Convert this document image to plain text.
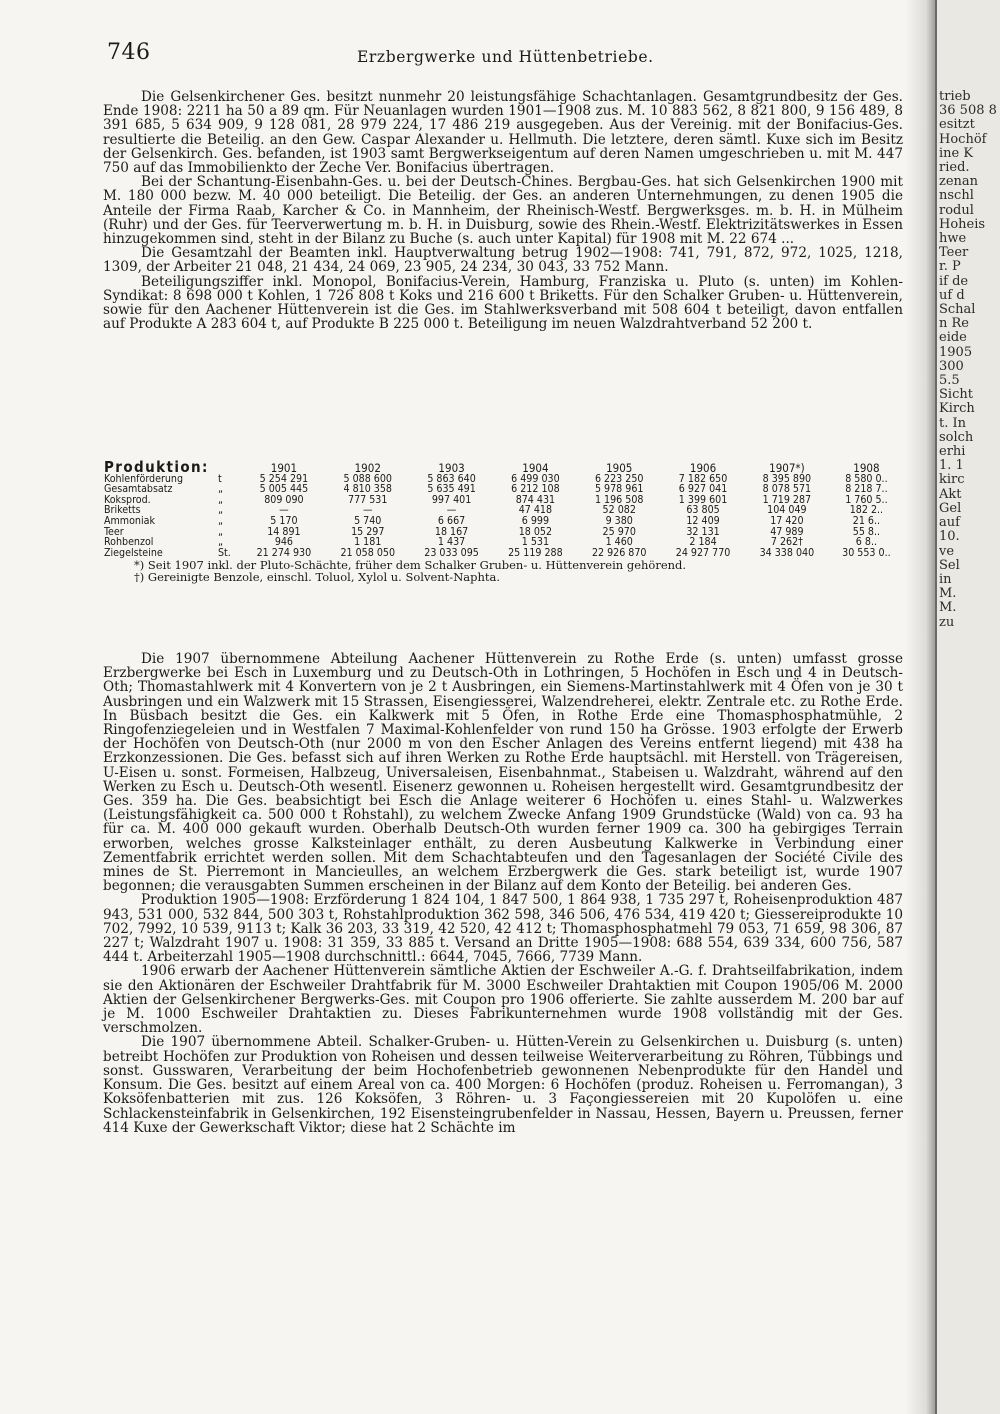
746	Erzbergwerke und Hüttenbetriebe.

Die Gelsenkirchener Ges. besitzt nunmehr 20 leistungsfähige Schachtanlagen. Gesamtgrundbesitz der Ges. Ende 1908: 2211 ha 50 a 89 qm. Für Neuanlagen wurden 1901—1908 zus. M. 10 883 562, 8 821 800, 9 156 489, 8 391 685, 5 634 909, 9 128 081, 28 979 224, 17 486 219 ausgegeben. Aus der Vereinig. mit der Bonifacius-Ges. resultierte die Beteilig. an den Gew. Caspar Alexander u. Hellmuth. Die letztere, deren sämtl. Kuxe sich im Besitz der Gelsenkirch. Ges. befanden, ist 1903 samt Bergwerkseigentum auf deren Namen umgeschrieben u. mit M. 447 750 auf das Immobilienkto der Zeche Ver. Bonifacius übertragen.

Bei der Schantung-Eisenbahn-Ges. u. bei der Deutsch-Chines. Bergbau-Ges. hat sich Gelsenkirchen 1900 mit M. 180 000 bezw. M. 40 000 beteiligt. Die Beteilig. der Ges. an anderen Unternehmungen, zu denen 1905 die Anteile der Firma Raab, Karcher & Co. in Mannheim, der Rheinisch-Westf. Bergwerksges. m. b. H. in Mülheim (Ruhr) und der Ges. für Teerverwertung m. b. H. in Duisburg, sowie des Rhein.-Westf. Elektrizitätswerkes in Essen hinzugekommen sind, steht in der Bilanz zu Buche (s. auch unter Kapital) für 1908 mit M. 22 674 ...

Die Gesamtzahl der Beamten inkl. Hauptverwaltung betrug 1902—1908: 741, 791, 872, 972, 1025, 1218, 1309, der Arbeiter 21 048, 21 434, 24 069, 23 905, 24 234, 30 043, 33 752 Mann.

Beteiligungsziffer inkl. Monopol, Bonifacius-Verein, Hamburg, Franziska u. Pluto (s. unten) im Kohlen-Syndikat: 8 698 000 t Kohlen, 1 726 808 t Koks und 216 600 t Briketts. Für den Schalker Gruben- u. Hüttenverein, sowie für den Aachener Hüttenverein ist die Ges. im Stahlwerksverband mit 508 604 t beteiligt, davon entfallen auf Produkte A 283 604 t, auf Produkte B 225 000 t. Beteiligung im neuen Walzdrahtverband 52 200 t.

Produktion:		1901	1902	1903	1904	1905	1906	1907*)	1908
Kohlenförderung	t	5 254 291	5 088 600	5 863 640	6 499 030	6 223 250	7 182 650	8 395 890	8 580 0..
Gesamtabsatz	„	5 005 445	4 810 358	5 635 491	6 212 108	5 978 961	6 927 041	8 078 571	8 218 7..
Koksprod.	„	809 090	777 531	997 401	874 431	1 196 508	1 399 601	1 719 287	1 760 5..
Briketts	„	—	—	—	47 418	52 082	63 805	104 049	182 2..
Ammoniak	„	5 170	5 740	6 667	6 999	9 380	12 409	17 420	21 6..
Teer	„	14 891	15 297	18 167	18 052	25 970	32 131	47 989	55 8..
Rohbenzol	„	946	1 181	1 437	1 531	1 460	2 184	7 262†	6 8..
Ziegelsteine	St.	21 274 930	21 058 050	23 033 095	25 119 288	22 926 870	24 927 770	34 338 040	30 553 0..
*) Seit 1907 inkl. der Pluto-Schächte, früher dem Schalker Gruben- u. Hüttenverein gehörend.
†) Gereinigte Benzole, einschl. Toluol, Xylol u. Solvent-Naphta.

Die 1907 übernommene Abteilung Aachener Hüttenverein zu Rothe Erde (s. unten) umfasst grosse Erzbergwerke bei Esch in Luxemburg und zu Deutsch-Oth in Lothringen, 5 Hochöfen in Esch und 4 in Deutsch-Oth; Thomastahlwerk mit 4 Konvertern von je 2 t Ausbringen, ein Siemens-Martinstahlwerk mit 4 Öfen von je 30 t Ausbringen und ein Walzwerk mit 15 Strassen, Eisengiesserei, Walzendreherei, elektr. Zentrale etc. zu Rothe Erde. In Büsbach besitzt die Ges. ein Kalkwerk mit 5 Öfen, in Rothe Erde eine Thomasphosphatmühle, 2 Ringofenziegeleien und in Westfalen 7 Maximal-Kohlenfelder von rund 150 ha Grösse. 1903 erfolgte der Erwerb der Hochöfen von Deutsch-Oth (nur 2000 m von den Escher Anlagen des Vereins entfernt liegend) mit 438 ha Erzkonzessionen. Die Ges. befasst sich auf ihren Werken zu Rothe Erde hauptsächl. mit Herstell. von Trägereisen, U-Eisen u. sonst. Formeisen, Halbzeug, Universaleisen, Eisenbahnmat., Stabeisen u. Walzdraht, während auf den Werken zu Esch u. Deutsch-Oth wesentl. Eisenerz gewonnen u. Roheisen hergestellt wird. Gesamtgrundbesitz der Ges. 359 ha. Die Ges. beabsichtigt bei Esch die Anlage weiterer 6 Hochöfen u. eines Stahl- u. Walzwerkes (Leistungsfähigkeit ca. 500 000 t Rohstahl), zu welchem Zwecke Anfang 1909 Grundstücke (Wald) von ca. 93 ha für ca. M. 400 000 gekauft wurden. Oberhalb Deutsch-Oth wurden ferner 1909 ca. 300 ha gebirgiges Terrain erworben, welches grosse Kalksteinlager enthält, zu deren Ausbeutung Kalkwerke in Verbindung einer Zementfabrik errichtet werden sollen. Mit dem Schachtabteufen und den Tagesanlagen der Société Civile des mines de St. Pierremont in Mancieulles, an welchem Erzbergwerk die Ges. stark beteiligt ist, wurde 1907 begonnen; die verausgabten Summen erscheinen in der Bilanz auf dem Konto der Beteilig. bei anderen Ges.

Produktion 1905—1908: Erzförderung 1 824 104, 1 847 500, 1 864 938, 1 735 297 t, Roheisenproduktion 487 943, 531 000, 532 844, 500 303 t, Rohstahlproduktion 362 598, 346 506, 476 534, 419 420 t; Giessereiprodukte 10 702, 7992, 10 539, 9113 t; Kalk 36 203, 33 319, 42 520, 42 412 t; Thomasphosphatmehl 79 053, 71 659, 98 306, 87 227 t; Walzdraht 1907 u. 1908: 31 359, 33 885 t. Versand an Dritte 1905—1908: 688 554, 639 334, 600 756, 587 444 t. Arbeiterzahl 1905—1908 durchschnittl.: 6644, 7045, 7666, 7739 Mann.

1906 erwarb der Aachener Hüttenverein sämtliche Aktien der Eschweiler A.-G. f. Drahtseilfabrikation, indem sie den Aktionären der Eschweiler Drahtfabrik für M. 3000 Eschweiler Drahtaktien mit Coupon 1905/06 M. 2000 Aktien der Gelsenkirchener Bergwerks-Ges. mit Coupon pro 1906 offerierte. Sie zahlte ausserdem M. 200 bar auf je M. 1000 Eschweiler Drahtaktien zu. Dieses Fabrikunternehmen wurde 1908 vollständig mit der Ges. verschmolzen.

Die 1907 übernommene Abteil. Schalker-Gruben- u. Hütten-Verein zu Gelsenkirchen u. Duisburg (s. unten) betreibt Hochöfen zur Produktion von Roheisen und dessen teilweise Weiterverarbeitung zu Röhren, Tübbings und sonst. Gusswaren, Verarbeitung der beim Hochofenbetrieb gewonnenen Nebenprodukte für den Handel und Konsum. Die Ges. besitzt auf einem Areal von ca. 400 Morgen: 6 Hochöfen (produz. Roheisen u. Ferromangan), 3 Koksöfenbatterien mit zus. 126 Koksöfen, 3 Röhren- u. 3 Façongiessereien mit 20 Kupolöfen u. eine Schlackensteinfabrik in Gelsenkirchen, 192 Eisensteingrubenfelder in Nassau, Hessen, Bayern u. Preussen, ferner 414 Kuxe der Gewerkschaft Viktor; diese hat 2 Schächte im

trieb
36 508 8
esitzt
Hochöf
ine K
ried.
zenan
nschl
rodul
Hoheis
hwe
Teer
r. P
if de
uf d
Schal
n Re
eide
1905
300
5.5
Sicht
Kirch
t. In
solch
erhi
1. 1
kirc
Akt
Gel
auf
10.
ve
Sel
in
M.
M.
zu
